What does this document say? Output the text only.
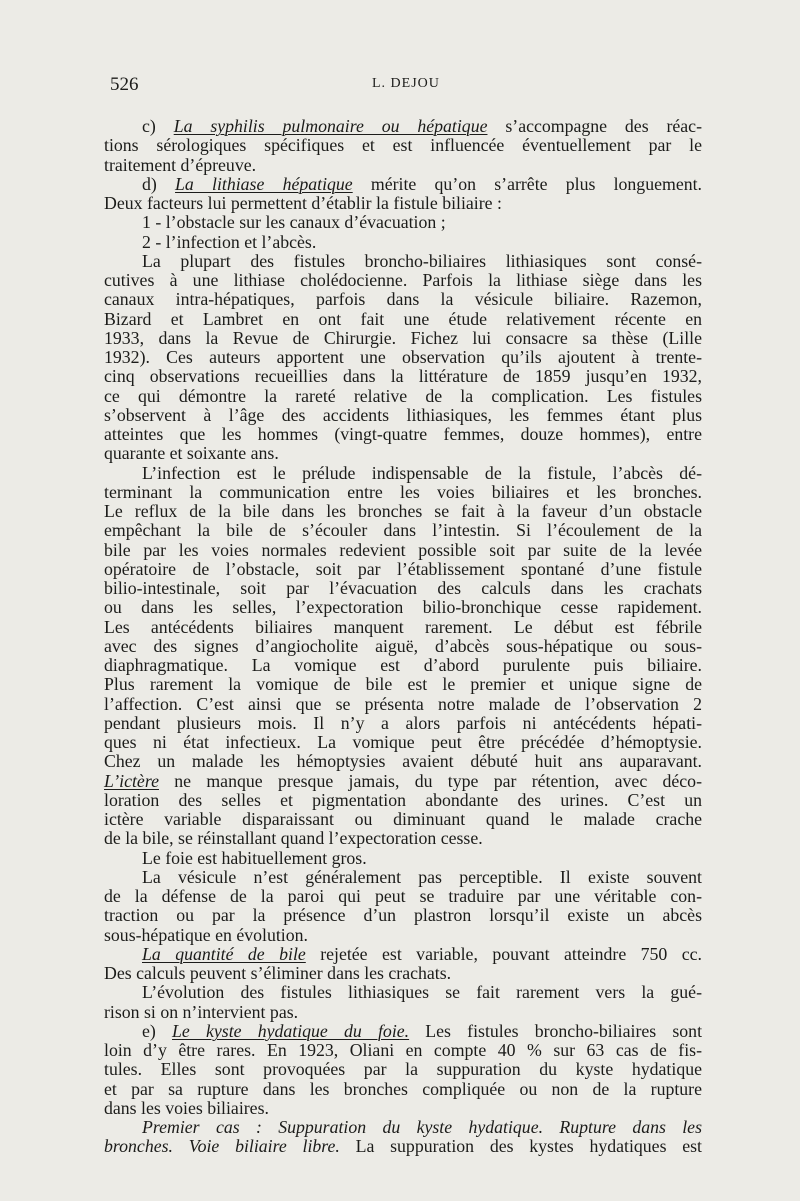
526	L. DEJOU
c) La syphilis pulmonaire ou hépatique s’accompagne des réac-
tions sérologiques spécifiques et est influencée éventuellement par le
traitement d’épreuve.
d) La lithiase hépatique mérite qu’on s’arrête plus longuement.
Deux facteurs lui permettent d’établir la fistule biliaire :
1 - l’obstacle sur les canaux d’évacuation ;
2 - l’infection et l’abcès.
La plupart des fistules broncho-biliaires lithiasiques sont consé-
cutives à une lithiase cholédocienne. Parfois la lithiase siège dans les
canaux intra-hépatiques, parfois dans la vésicule biliaire. Razemon,
Bizard et Lambret en ont fait une étude relativement récente en
1933, dans la Revue de Chirurgie. Fichez lui consacre sa thèse (Lille
1932). Ces auteurs apportent une observation qu’ils ajoutent à trente-
cinq observations recueillies dans la littérature de 1859 jusqu’en 1932,
ce qui démontre la rareté relative de la complication. Les fistules
s’observent à l’âge des accidents lithiasiques, les femmes étant plus
atteintes que les hommes (vingt-quatre femmes, douze hommes), entre
quarante et soixante ans.
L’infection est le prélude indispensable de la fistule, l’abcès dé-
terminant la communication entre les voies biliaires et les bronches.
Le reflux de la bile dans les bronches se fait à la faveur d’un obstacle
empêchant la bile de s’écouler dans l’intestin. Si l’écoulement de la
bile par les voies normales redevient possible soit par suite de la levée
opératoire de l’obstacle, soit par l’établissement spontané d’une fistule
bilio-intestinale, soit par l’évacuation des calculs dans les crachats
ou dans les selles, l’expectoration bilio-bronchique cesse rapidement.
Les antécédents biliaires manquent rarement. Le début est fébrile
avec des signes d’angiocholite aiguë, d’abcès sous-hépatique ou sous-
diaphragmatique. La vomique est d’abord purulente puis biliaire.
Plus rarement la vomique de bile est le premier et unique signe de
l’affection. C’est ainsi que se présenta notre malade de l’observation 2
pendant plusieurs mois. Il n’y a alors parfois ni antécédents hépati-
ques ni état infectieux. La vomique peut être précédée d’hémoptysie.
Chez un malade les hémoptysies avaient débuté huit ans auparavant.
L’ictère ne manque presque jamais, du type par rétention, avec déco-
loration des selles et pigmentation abondante des urines. C’est un
ictère variable disparaissant ou diminuant quand le malade crache
de la bile, se réinstallant quand l’expectoration cesse.
Le foie est habituellement gros.
La vésicule n’est généralement pas perceptible. Il existe souvent
de la défense de la paroi qui peut se traduire par une véritable con-
traction ou par la présence d’un plastron lorsqu’il existe un abcès
sous-hépatique en évolution.
La quantité de bile rejetée est variable, pouvant atteindre 750 cc.
Des calculs peuvent s’éliminer dans les crachats.
L’évolution des fistules lithiasiques se fait rarement vers la gué-
rison si on n’intervient pas.
e) Le kyste hydatique du foie. Les fistules broncho-biliaires sont
loin d’y être rares. En 1923, Oliani en compte 40 % sur 63 cas de fis-
tules. Elles sont provoquées par la suppuration du kyste hydatique
et par sa rupture dans les bronches compliquée ou non de la rupture
dans les voies biliaires.
Premier cas : Suppuration du kyste hydatique. Rupture dans les
bronches. Voie biliaire libre. La suppuration des kystes hydatiques est
